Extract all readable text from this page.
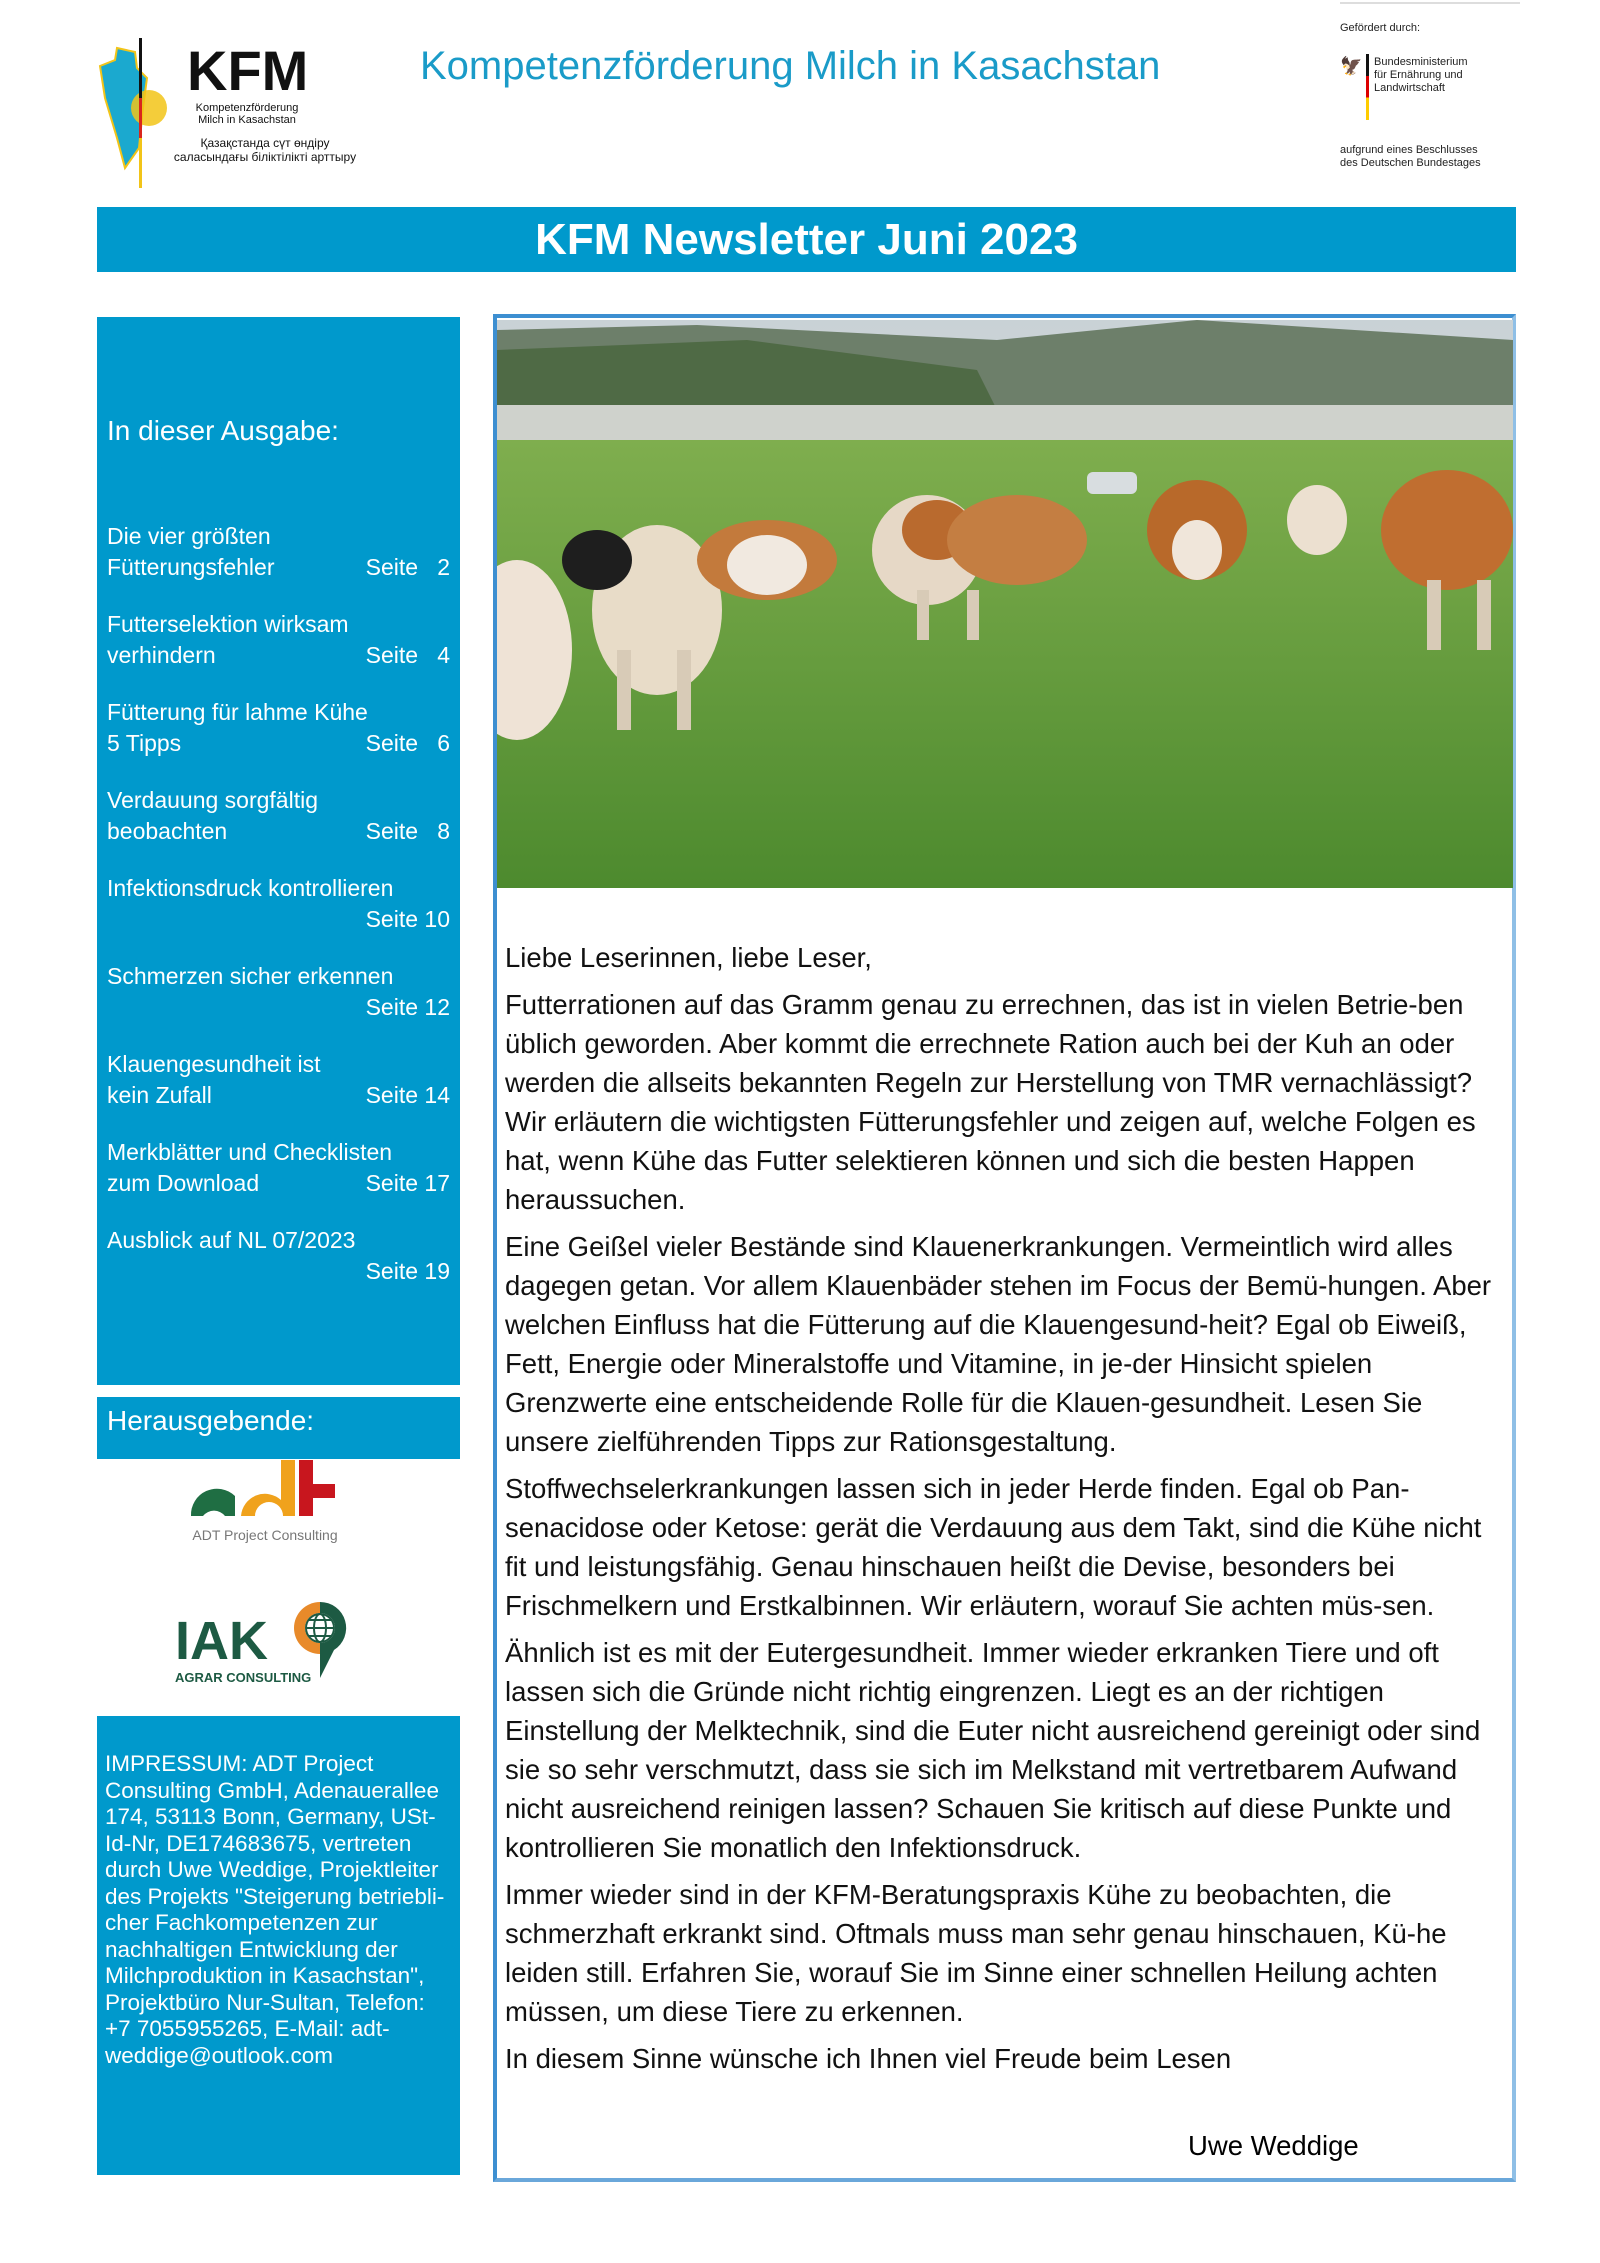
KFM
Kompetenzförderung Milch in Kasachstan
Қазақстанда сүт өндіру саласындағы біліктілікті арттыру
Kompetenzförderung Milch in Kasachstan
Gefördert durch:
🦅 Bundesministerium für Ernährung und Landwirtschaft
aufgrund eines Beschlusses des Deutschen Bundestages
KFM Newsletter Juni 2023
In dieser Ausgabe:
Die vier größten
Fütterungsfehler	Seite   2
Futterselektion wirksam
verhindern	Seite   4
Fütterung für lahme Kühe
5 Tipps	Seite   6
Verdauung sorgfältig
beobachten	Seite   8
Infektionsdruck kontrollieren
Seite 10
Schmerzen sicher erkennen
Seite 12
Klauengesundheit ist
kein Zufall	Seite 14
Merkblätter und Checklisten
zum Download	Seite 17
Ausblick auf NL 07/2023
Seite 19
Herausgebende:
ADT Project Consulting
IAK
AGRAR CONSULTING
IMPRESSUM: ADT Project Consulting GmbH, Adenauerallee 174, 53113 Bonn, Germany, USt-Id-Nr, DE174683675, vertreten durch Uwe Weddige, Projektleiter des Projekts "Steigerung betriebli-cher Fachkompetenzen zur nachhaltigen Entwicklung der Milchproduktion in Kasachstan", Projektbüro Nur-Sultan, Telefon: +7 7055955265, E-Mail: adt-weddige@outlook.com

Liebe Leserinnen, liebe Leser,

Futterrationen auf das Gramm genau zu errechnen, das ist in vielen Betrie-ben üblich geworden. Aber kommt die errechnete Ration auch bei der Kuh an oder werden die allseits bekannten Regeln zur Herstellung von TMR vernachlässigt? Wir erläutern die wichtigsten Fütterungsfehler und zeigen auf, welche Folgen es hat, wenn Kühe das Futter selektieren können und sich die besten Happen heraussuchen.

Eine Geißel vieler Bestände sind Klauenerkrankungen. Vermeintlich wird alles dagegen getan. Vor allem Klauenbäder stehen im Focus der Bemü-hungen. Aber welchen Einfluss hat die Fütterung auf die Klauengesund-heit? Egal ob Eiweiß, Fett, Energie oder Mineralstoffe und Vitamine, in je-der Hinsicht spielen Grenzwerte eine entscheidende Rolle für die Klauen-gesundheit. Lesen Sie unsere zielführenden Tipps zur Rationsgestaltung.

Stoffwechselerkrankungen lassen sich in jeder Herde finden. Egal ob Pan-senacidose oder Ketose: gerät die Verdauung aus dem Takt, sind die Kühe nicht fit und leistungsfähig. Genau hinschauen heißt die Devise, besonders bei Frischmelkern und Erstkalbinnen. Wir erläutern, worauf Sie achten müs-sen.

Ähnlich ist es mit der Eutergesundheit. Immer wieder erkranken Tiere und oft lassen sich die Gründe nicht richtig eingrenzen. Liegt es an der richtigen Einstellung der Melktechnik, sind die Euter nicht ausreichend gereinigt oder sind sie so sehr verschmutzt, dass sie sich im Melkstand mit vertretbarem Aufwand nicht ausreichend reinigen lassen? Schauen Sie kritisch auf diese Punkte und kontrollieren Sie monatlich den Infektionsdruck.

Immer wieder sind in der KFM-Beratungspraxis Kühe zu beobachten, die schmerzhaft erkrankt sind. Oftmals muss man sehr genau hinschauen, Kü-he leiden still. Erfahren Sie, worauf Sie im Sinne einer schnellen Heilung achten müssen, um diese Tiere zu erkennen.

In diesem Sinne wünsche ich Ihnen viel Freude beim Lesen

Uwe Weddige
